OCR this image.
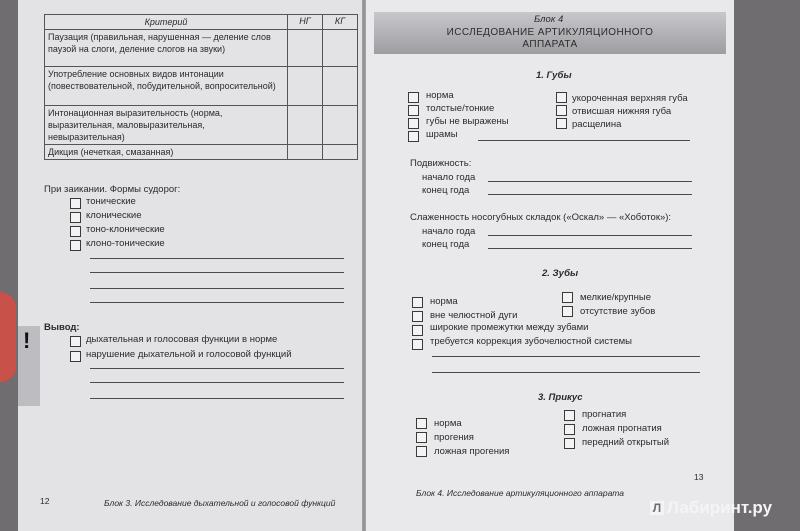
Критерий	НГ	КГ
Паузация (правильная, нарушенная — деление слов паузой на слоги, деление слогов на звуки)		
Употребление основных видов интонации (повествовательной, побудительной, вопросительной)		
Интонационная выразительность (норма, выразительная, маловыразительная, невыразительная)		
Дикция (нечеткая, смазанная)		
При заикании. Формы судорог:
тонические
клонические
тоно-клонические
клоно-тонические
!
Вывод:
дыхательная и голосовая функции в норме
нарушение дыхательной и голосовой функций
12	Блок 3. Исследование дыхательной и голосовой функций
Блок 4
ИССЛЕДОВАНИЕ АРТИКУЛЯЦИОННОГО
АППАРАТА
1. Губы
норма
толстые/тонкие
губы не выражены
шрамы
укороченная верхняя губа
отвисшая нижняя губа
расщелина
Подвижность:
начало года
конец года
Слаженность носогубных складок («Оскал» — «Хоботок»):
начало года
конец года
2. Зубы
норма
вне челюстной дуги
мелкие/крупные
отсутствие зубов
широкие промежутки между зубами
требуется коррекция зубочелюстной системы
3. Прикус
норма
прогения
ложная прогения
прогнатия
ложная прогнатия
передний открытый
13
Блок 4. Исследование артикуляционного аппарата
Л Лабиринт.ру
